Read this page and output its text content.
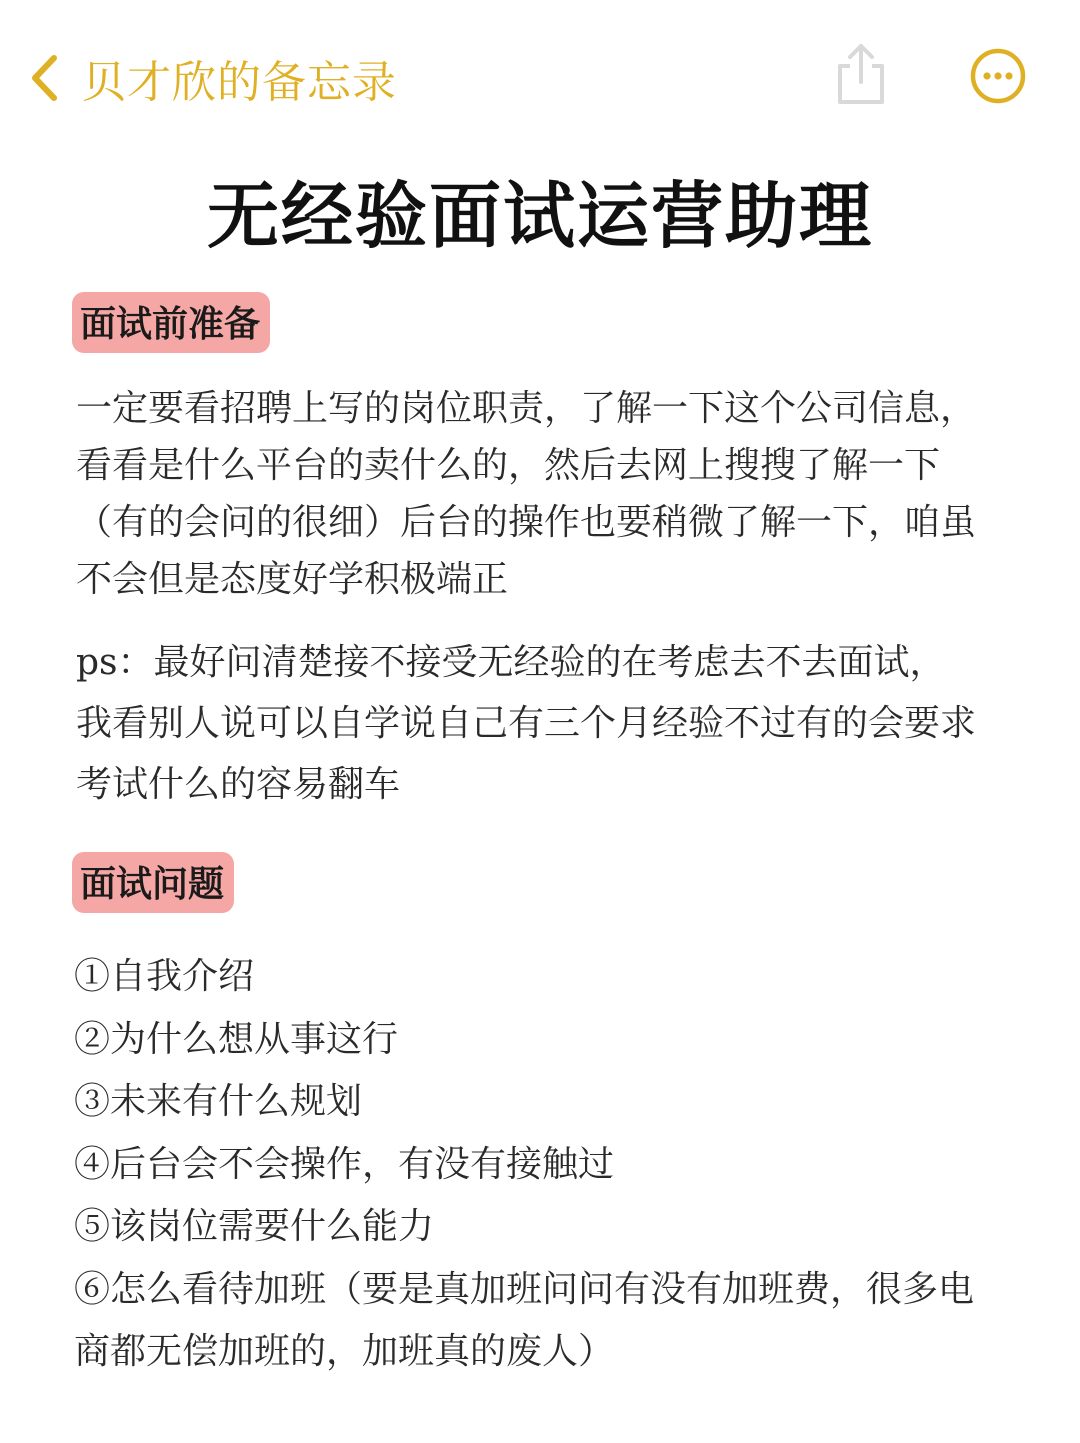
贝才欣的备忘录
无经验面试运营助理
面试前准备
一定要看招聘上写的岗位职责，了解一下这个公司信息，
看看是什么平台的卖什么的，然后去网上搜搜了解一下
（有的会问的很细）后台的操作也要稍微了解一下，咱虽
不会但是态度好学积极端正
ps：最好问清楚接不接受无经验的在考虑去不去面试，
我看别人说可以自学说自己有三个月经验不过有的会要求
考试什么的容易翻车
面试问题
①自我介绍
②为什么想从事这行
③未来有什么规划
④后台会不会操作，有没有接触过
⑤该岗位需要什么能力
⑥怎么看待加班（要是真加班问问有没有加班费，很多电
商都无偿加班的，加班真的废人）
